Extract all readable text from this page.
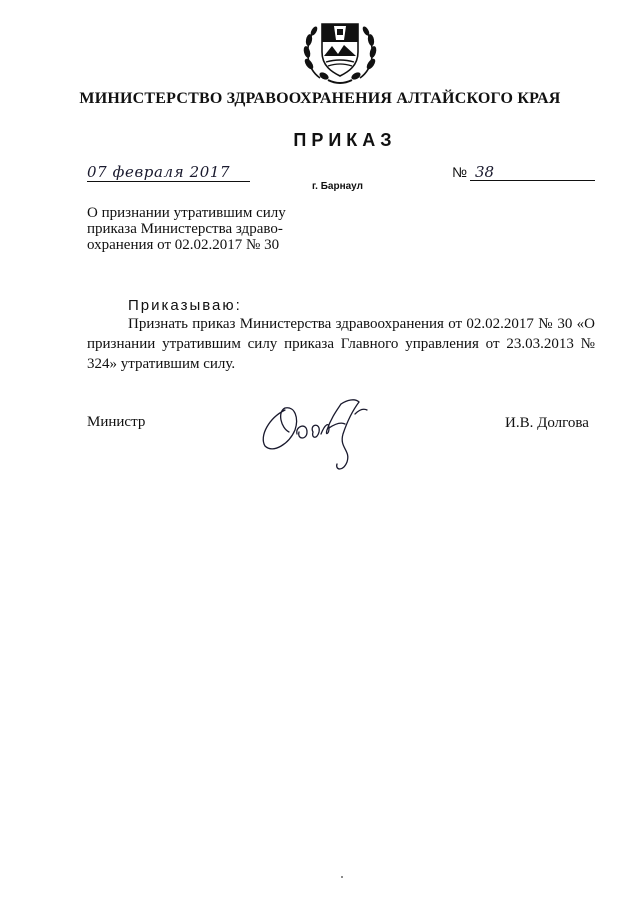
МИНИСТЕРСТВО ЗДРАВООХРАНЕНИЯ АЛТАЙСКОГО КРАЯ
ПРИКАЗ
07 февраля 2017	№ 38
г. Барнаул
О признании утратившим силу приказа Министерства здраво-охранения от 02.02.2017 № 30
Приказываю:
Признать приказ Министерства здравоохранения от 02.02.2017 № 30 «О признании утратившим силу приказа Главного управления от 23.03.2013 № 324» утратившим силу.
Министр	И.В. Долгова
